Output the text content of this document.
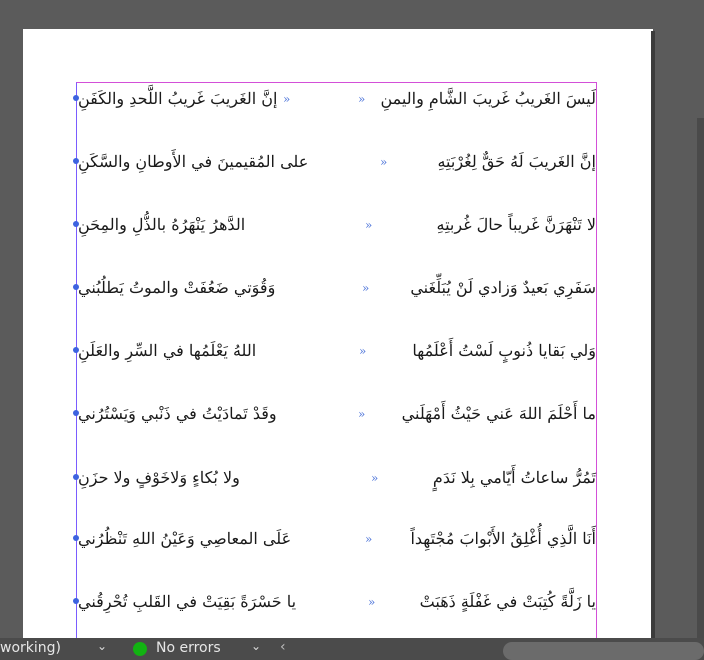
إنَّ الغَريبَ غَريبُ اللَّحدِ والكَفَنِ »	» لَيسَ الغَريبُ غَريبَ الشَّامِ واليمنِ
على المُقيمينَ في الأَوطانِ والسَّكَنِ	»	إنَّ الغَريبَ لَهُ حَقٌّ لِغُرْبَتِهِ
الدَّهرُ يَنْهَرُهُ بالذُّلِ والمِحَنِ	»	لا تَنْهَرَنَّ غَريباً حالَ غُربتِهِ
وَقُوَتي ضَعُفَتْ والموتُ يَطلُبُني	»	سَفَرِي بَعيدٌ وَزادي لَنْ يُبَلِّغَني
اللهُ يَعْلَمُها في السِّرِ والعَلَنِ	»	وَلي بَقايا ذُنوبٍ لَسْتُ أَعْلَمُها
وقَدْ تَمادَيْتُ في ذَنْبي وَيَسْتُرُني	» ما أَحْلَمَ اللهَ عَني حَيْثُ أَمْهَلَني
ولا بُكاءٍ وَلاخَوْفٍ ولا حزَنِ	»	تَمُرُّ ساعاتُ أَيّامي بِلا نَدَمٍ
عَلَى المعاصِي وَعَيْنُ اللهِ تَنْظُرُني	» أَنَا الَّذِي أُغْلِقُ الأَبْوابَ مُجْتَهِداً
يا حَسْرَةً بَقِيَتْ في القَلبِ تُحْرِقُني	»	يا زَلَّةً كُتِبَتْ في غَفْلَةٍ ذَهَبَتْ
working)	⌄	No errors	⌄ ‹
